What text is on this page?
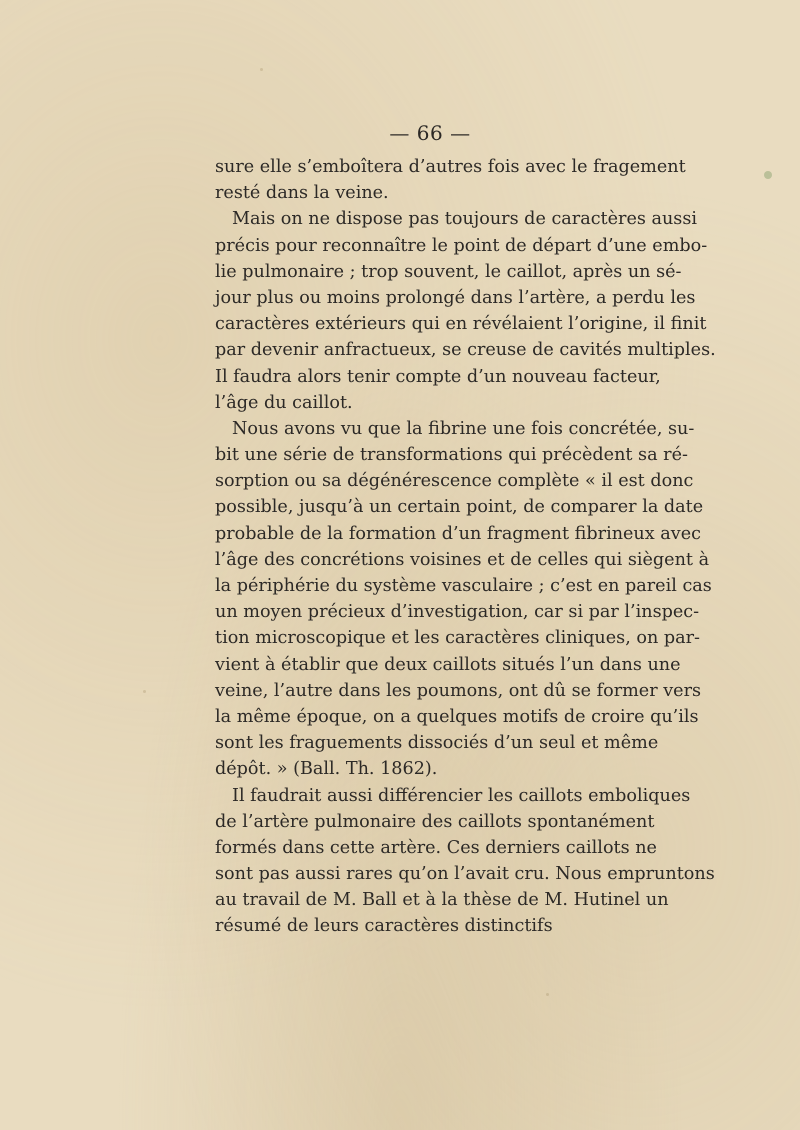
— 66 —
sure elle s’emboîtera d’autres fois avec le fragement
resté dans la veine.
Mais on ne dispose pas toujours de caractères aussi
précis pour reconnaître le point de départ d’une embo-
lie pulmonaire ; trop souvent, le caillot, après un sé-
jour plus ou moins prolongé dans l’artère, a perdu les
caractères extérieurs qui en révélaient l’origine, il finit
par devenir anfractueux, se creuse de cavités multiples.
Il faudra alors tenir compte d’un nouveau facteur,
l’âge du caillot.
Nous avons vu que la fibrine une fois concrétée, su-
bit une série de transformations qui précèdent sa ré-
sorption ou sa dégénérescence complète « il est donc
possible, jusqu’à un certain point, de comparer la date
probable de la formation d’un fragment fibrineux avec
l’âge des concrétions voisines et de celles qui siègent à
la périphérie du système vasculaire ; c’est en pareil cas
un moyen précieux d’investigation, car si par l’inspec-
tion microscopique et les caractères cliniques, on par-
vient à établir que deux caillots situés l’un dans une
veine, l’autre dans les poumons, ont dû se former vers
la même époque, on a quelques motifs de croire qu’ils
sont les fraguements dissociés d’un seul et même
dépôt. » (Ball. Th. 1862).
Il faudrait aussi différencier les caillots emboliques
de l’artère pulmonaire des caillots spontanément
formés dans cette artère. Ces derniers caillots ne
sont pas aussi rares qu’on l’avait cru. Nous empruntons
au travail de M. Ball et à la thèse de M. Hutinel un
résumé de leurs caractères distinctifs
